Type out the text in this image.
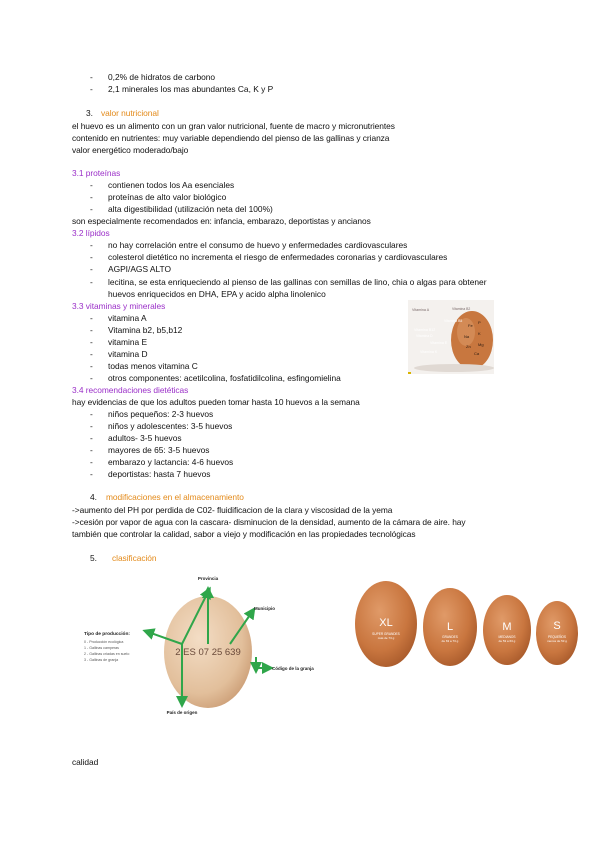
- 0,2% de hidratos de carbono
- 2,1 minerales los mas abundantes Ca, K y P
3. valor nutricional
el huevo es un alimento con un gran valor nutricional, fuente de macro y micronutrientes
contenido en nutrientes: muy variable dependiendo del pienso de las gallinas y crianza
valor energético moderado/bajo
3.1 proteínas
- contienen todos los Aa esenciales
- proteínas de alto valor biológico
- alta digestibilidad (utilización neta del 100%)
son especialmente recomendados en: infancia, embarazo, deportistas y ancianos
3.2 lípidos
- no hay correlación entre el consumo de huevo y enfermedades cardiovasculares
- colesterol dietético no incrementa el riesgo de enfermedades coronarias y cardiovasculares
- AGPI/AGS ALTO
- lecitina, se esta enriqueciendo al pienso de las gallinas con semillas de lino, chia o algas para obtener
huevos enriquecidos en DHA, EPA y acido alpha linolenico
3.3 vitaminas y minerales
- vitamina A
- Vitamina b2, b5,b12
- vitamina E
- vitamina D
- todas menos vitamina C
- otros componentes: acetilcolina, fosfatidilcolina, esfingomielina
Vitamina A
Vitamina B5
Vitamina B12
Vitamina D
Vitamina E
Vitamina K
Vitamina B2
Fe
P
K
Na
Zn Mg
Ca
3.4 recomendaciones dietéticas
hay evidencias de que los adultos pueden tomar hasta 10 huevos a la semana
- niños pequeños: 2-3 huevos
- niños y adolescentes: 3-5 huevos
- adultos- 3-5 huevos
- mayores de 65: 3-5 huevos
- embarazo y lactancia: 4-6 huevos
- deportistas: hasta 7 huevos
4. modificaciones en el almacenamiento
->aumento del PH por perdida de C02- fluidificacion de la clara y viscosidad de la yema
->cesión por vapor de agua con la cascara- disminucion de la densidad, aumento de la cámara de aire. hay
también que controlar la calidad, sabor a viejo y modificación en las propiedades tecnológicas
5. clasificación
2 ES 07 25 639
Provincia
Municipio
Código de la granja
País de origen
Tipo de producción:
0 - Producción ecológica
1 - Gallinas camperas
2 - Gallinas criadas en suelo
3 - Gallinas de granja
XL
SUPER GRANDES
más de 73 g
L
GRANDES
de 63 a 73 g
M
MEDIANOS
de 53 a 63 g
S
PEQUEÑOS
menos de 53 g
calidad
